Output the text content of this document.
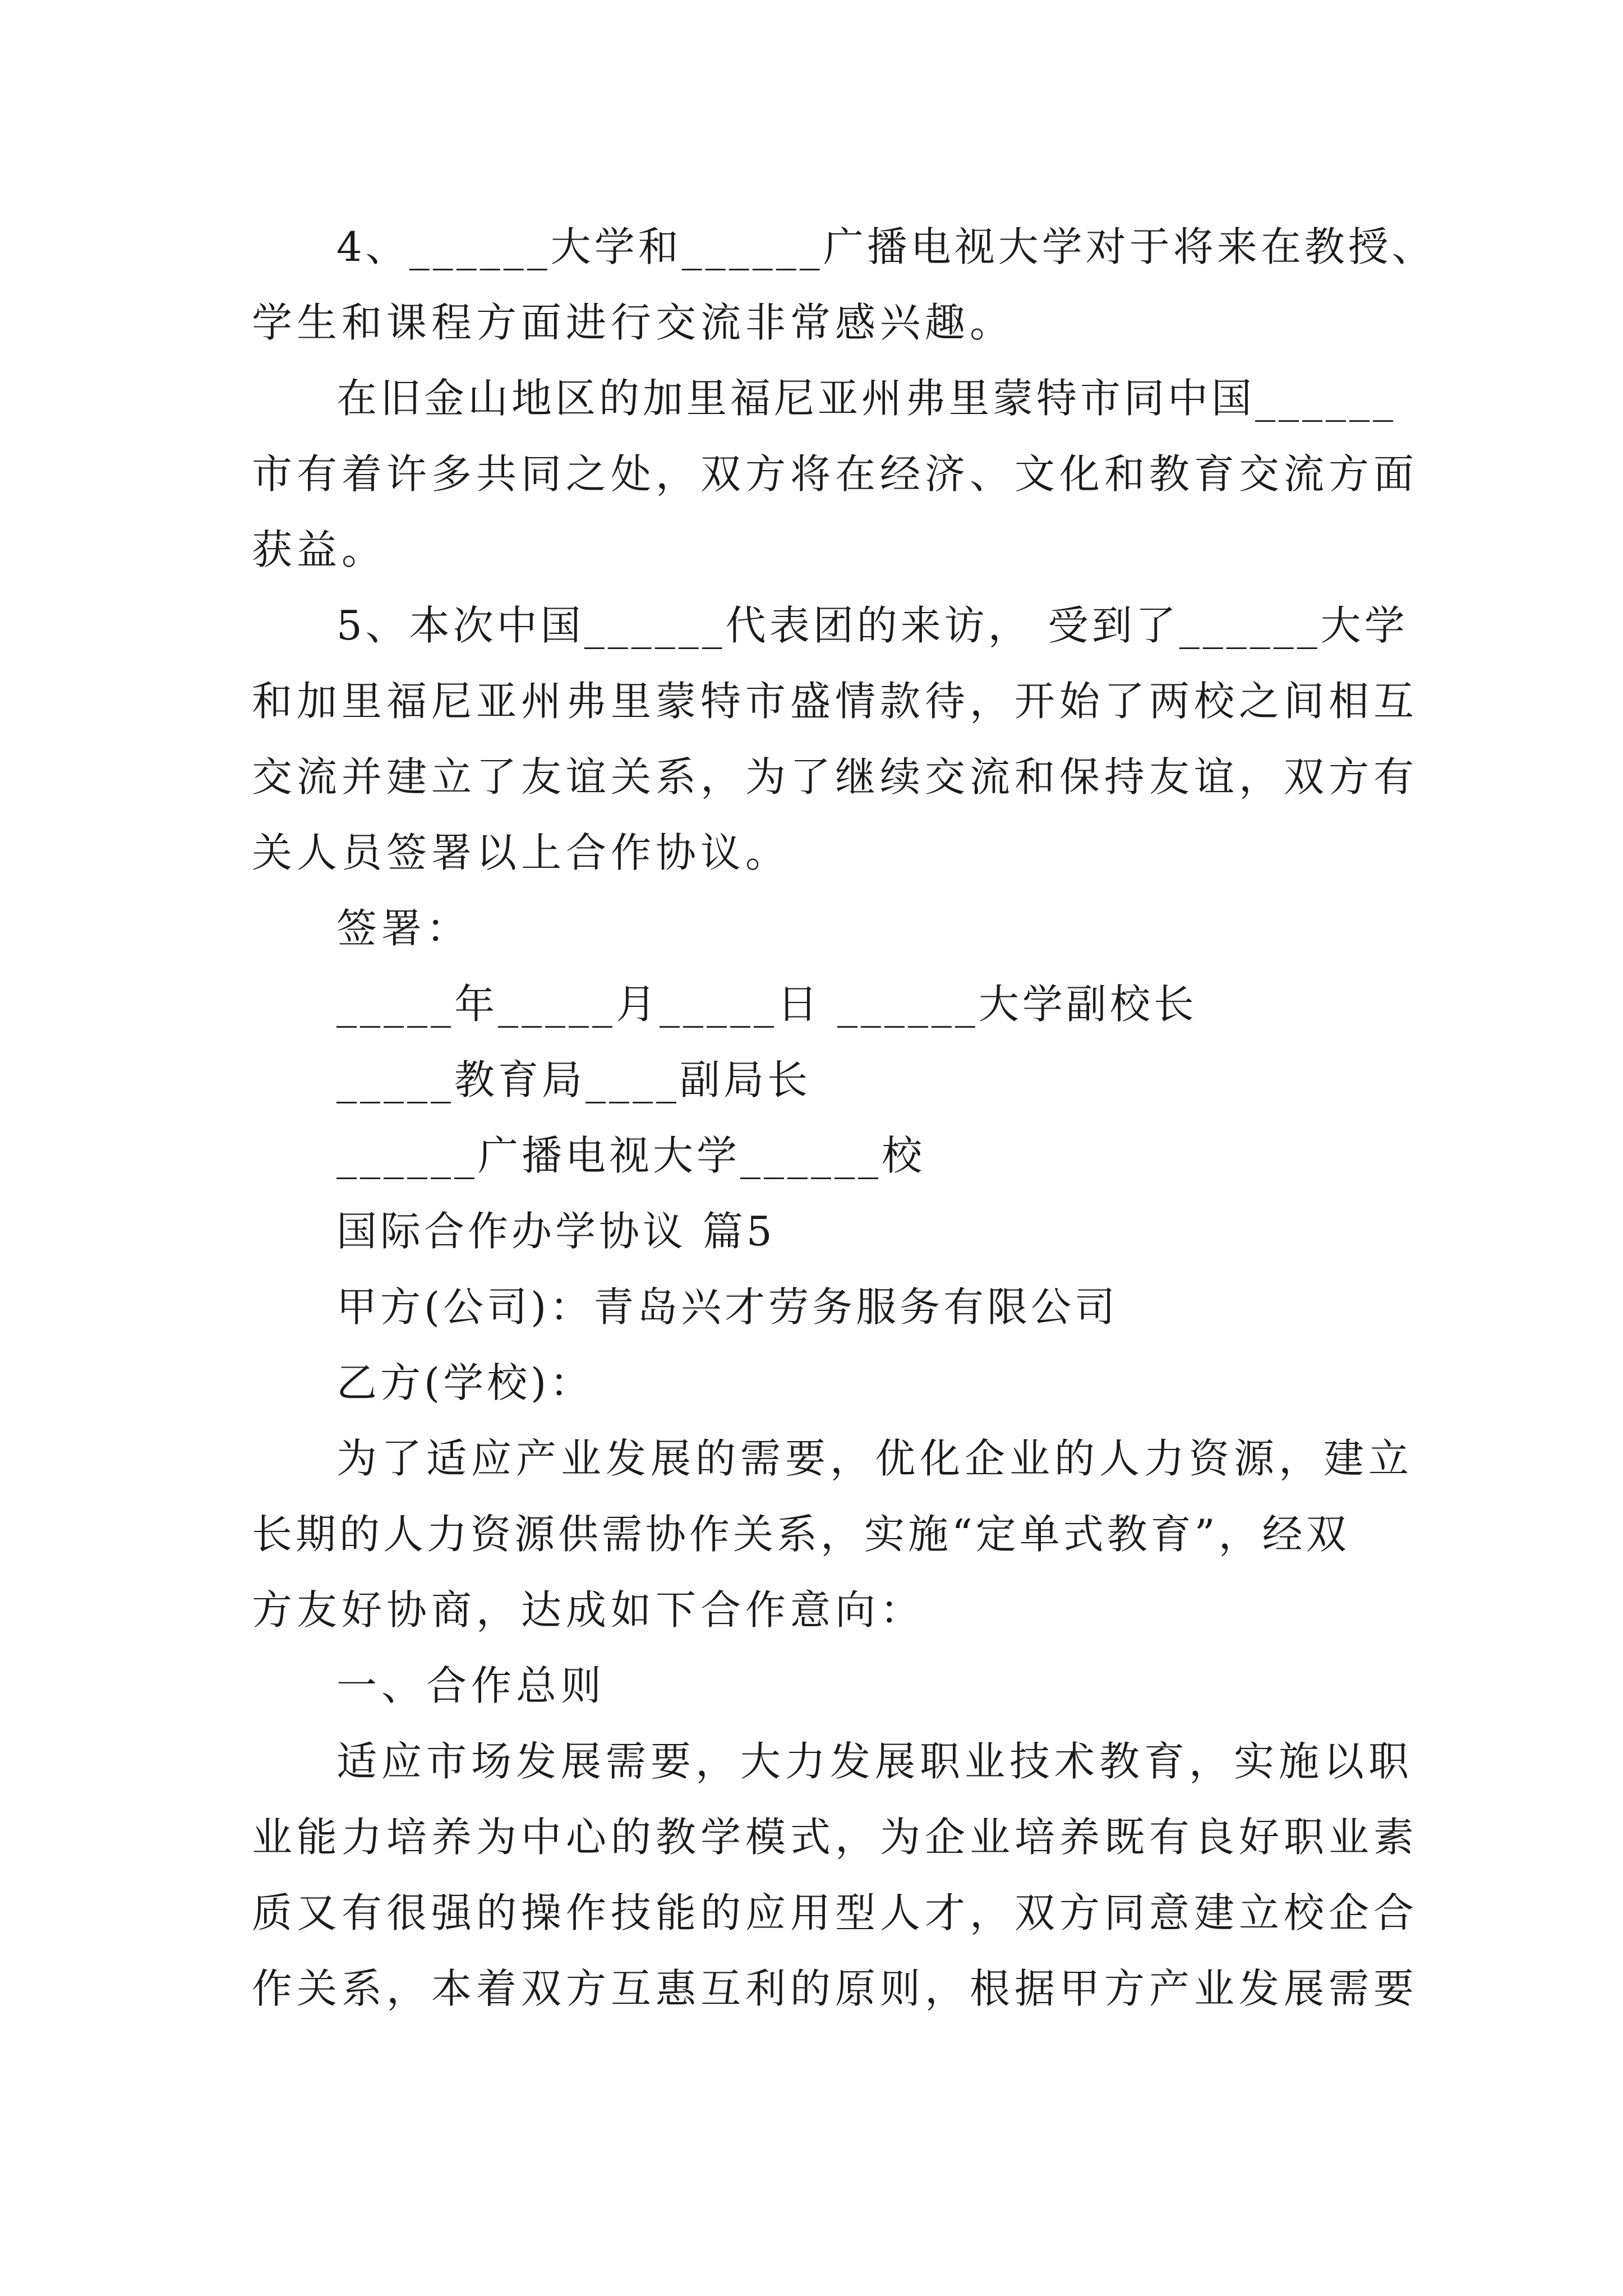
4、______大学和______广播电视大学对于将来在教授、

学生和课程方面进行交流非常感兴趣。

在旧金山地区的加里福尼亚州弗里蒙特市同中国______

市有着许多共同之处，双方将在经济、文化和教育交流方面

获益。

5、本次中国______代表团的来访， 受到了______大学

和加里福尼亚州弗里蒙特市盛情款待，开始了两校之间相互

交流并建立了友谊关系，为了继续交流和保持友谊，双方有

关人员签署以上合作协议。

签署：

_____年_____月_____日 ______大学副校长

_____教育局____副局长

______广播电视大学______校

国际合作办学协议 篇5

甲方(公司)：青岛兴才劳务服务有限公司

乙方(学校)：

为了适应产业发展的需要，优化企业的人力资源，建立

长期的人力资源供需协作关系，实施“定单式教育”，经双

方友好协商，达成如下合作意向：

一、合作总则

适应市场发展需要，大力发展职业技术教育，实施以职

业能力培养为中心的教学模式，为企业培养既有良好职业素

质又有很强的操作技能的应用型人才，双方同意建立校企合

作关系，本着双方互惠互利的原则，根据甲方产业发展需要
